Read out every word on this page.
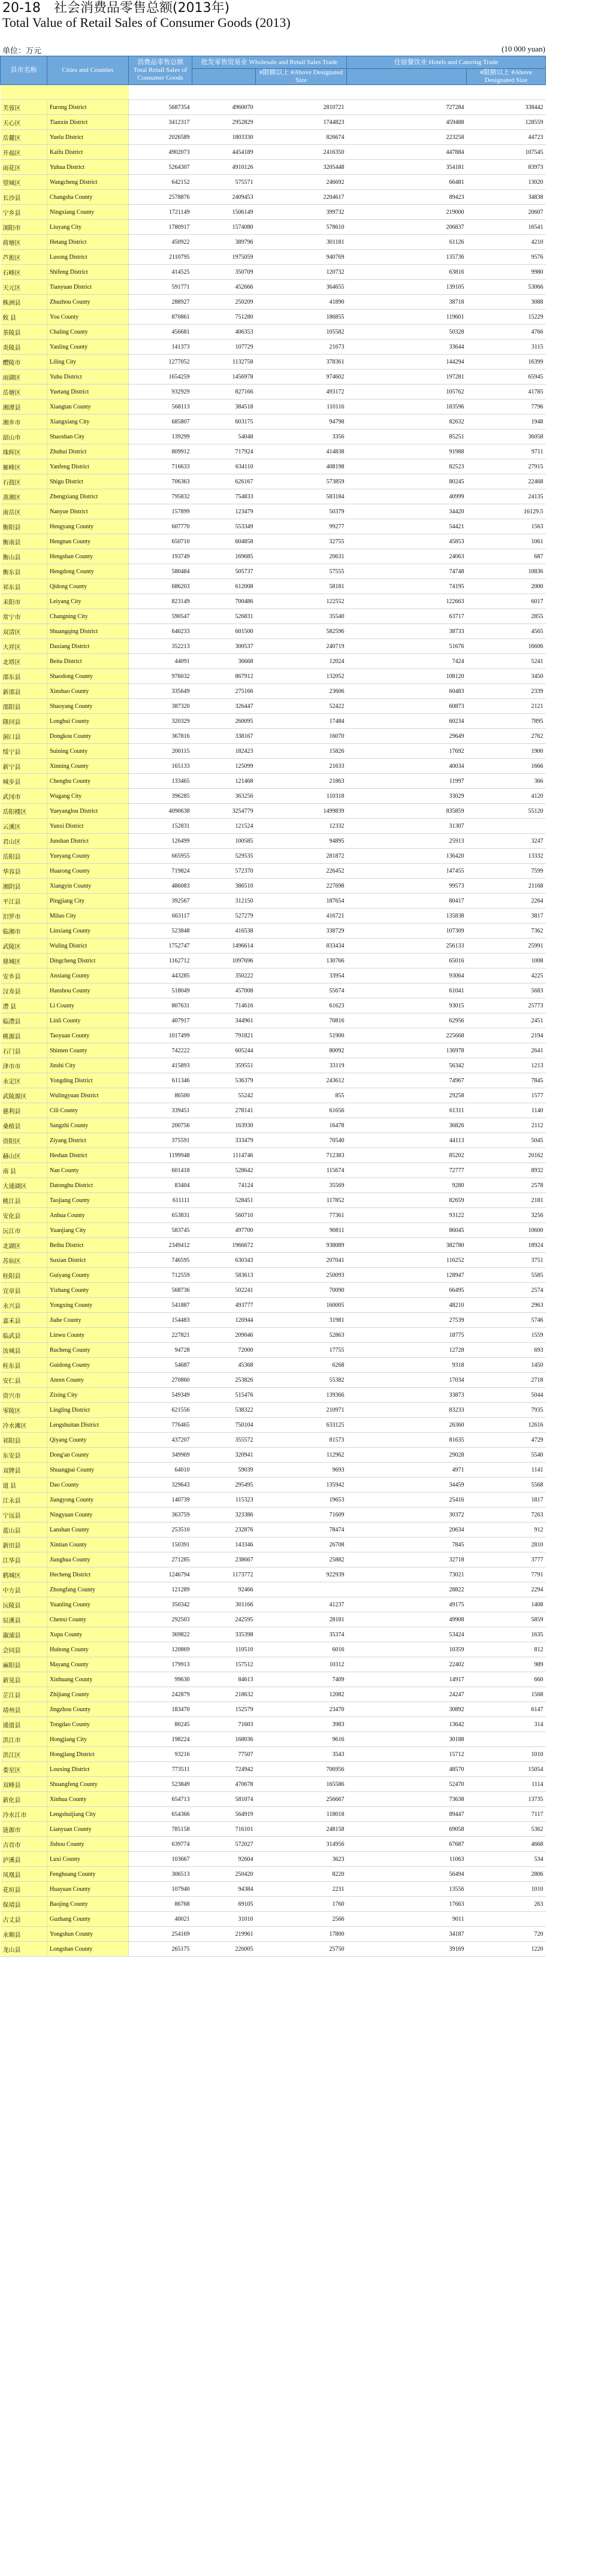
20-18　社会消费品零售总额(2013年)
Total Value of Retail Sales of Consumer Goods (2013)
单位：万元	(10 000 yuan)
县市名称	Cities and Counties	消费品零售总额 Total Retail Sales of Consumer Goods	批发零售贸易业 Wholesale and Retail Sales Trade		住宿餐饮业 Hotels and Catering Trade	
				#限额以上 #Above Designated Size		#限额以上 #Above Designated Size

芙蓉区	Furong District	5687354	4960070	2810721	727284	338442
天心区	Tianxin District	3412317	2952829	1744823	459488	128559
岳麓区	Yuelu District	2026589	1803330	826674	223258	44723
开福区	Kaifu District	4902073	4454189	2416350	447884	107545
雨花区	Yuhua District	5264307	4910126	3205448	354181	83973
望城区	Wangcheng District	642152	575571	246692	66481	13020
长沙县	Changsha County	2578876	2409453	2204617	89423	34838
宁乡县	Ningxiang County	1721149	1506149	399732	219000	20607
浏阳市	Liuyang City	1780917	1574080	578610	206837	16541
荷塘区	Hetang District	450922	389796	301181	61126	4210
芦淞区	Lusong District	2110795	1975059	940769	135736	9576
石峰区	Shifeng District	414525	350709	120732	63816	9980
天元区	Tianyuan District	591771	452666	364655	139105	53066
株洲县	Zhuzhou County	288927	250209	41890	38718	3088
攸 县	You County	870861	751280	186855	119601	15229
茶陵县	Chaling County	456681	406353	105582	50328	4766
炎陵县	Yanling County	141373	107729	21673	33644	3115
醴陵市	Liling City	1277052	1132758	378361	144294	16399
雨湖区	Yuhu District	1654259	1456978	974602	197281	65945
岳塘区	Yuetang District	932929	827166	493172	105762	41785
湘潭县	Xiangtan County	568113	384518	110116	183596	7796
湘乡市	Xiangxiang City	685807	603175	94798	82632	1948
韶山市	Shaoshan City	139299	54048	3356	85251	36058
珠晖区	Zhuhui District	809912	717924	414838	91988	9711
雁峰区	Yanfeng District	716633	634110	408198	82523	27915
石鼓区	Shigu District	706363	626167	573859	80245	22468
蒸湘区	Zhengxiang District	795832	754833	583184	40999	24135
南岳区	Nanyue District	157899	123479	50379	34420	16129.5
衡阳县	Hengyang County	607770	553349	99277	54421	1563
衡南县	Hengnan County	650710	604858	32755	45853	1061
衡山县	Hengshan County	193749	169685	20631	24063	687
衡东县	Hengdong County	580484	505737	57555	74748	10836
祁东县	Qidong County	686203	612008	58181	74195	2000
耒阳市	Leiyang City	823149	700486	122552	122663	6017
常宁市	Changning City	590547	526831	35540	63717	2855
双清区	Shuangqing District	640233	601500	582596	38733	4565
大祥区	Daxiang District	352213	300537	240719	51676	16606
北塔区	Beita District	44091	36668	12024	7424	5241
邵东县	Shaodong County	976032	867912	132052	108120	3450
新邵县	Xinshao County	335649	275166	23606	60483	2339
邵阳县	Shaoyang County	387320	326447	52422	60873	2121
隆回县	Longhui County	320329	260095	17484	60234	7895
洞口县	Dongkou County	367816	338167	16070	29649	2762
绥宁县	Suining County	200115	182423	15826	17692	1900
新宁县	Xinning County	165133	125099	21633	40034	1666
城步县	Chengbu County	133465	121468	21863	11997	366
武冈市	Wugang City	396285	363256	110318	33029	4120
岳阳楼区	Yueyanglou District	4090638	3254779	1499839	835859	55120
云溪区	Yunxi District	152831	121524	12332	31307	
君山区	Junshan District	126499	100585	94895	25913	3247
岳阳县	Yueyang County	665955	529535	281872	136420	13332
华容县	Huarong County	719824	572370	226452	147455	7599
湘阴县	Xiangyin County	486083	386510	227698	99573	21168
平江县	Pingjiang City	392567	312150	187654	80417	2264
汨罗市	Miluo City	663117	527279	416721	135838	3817
临湘市	Linxiang County	523848	416538	338729	107309	7362
武陵区	Wuling District	1752747	1496614	833434	256133	25991
鼎城区	Dingcheng District	1162712	1097696	130766	65016	1008
安乡县	Anxiang County	443285	350222	33954	93064	4225
汉寿县	Hanshou County	518049	457008	55674	61041	5683
澧 县	Li County	807631	714616	61623	93015	25773
临澧县	Linli County	407917	344961	70816	62956	2451
桃源县	Taoyuan County	1017499	791821	51900	225668	2194
石门县	Shimen County	742222	605244	80092	136978	2641
津市市	Jinshi City	415893	359551	33119	56342	1213
永定区	Yongding District	611346	536379	243612	74967	7845
武陵源区	Wulingyuan District	86500	55242	855	29258	1577
慈利县	Cili County	339451	278141	61656	61311	1140
桑植县	Sangzhi County	200756	163930	16478	36826	2112
资阳区	Ziyang District	375591	333479	70540	44113	5045
赫山区	Heshan District	1199948	1114746	712383	85202	20162
南 县	Nan County	601418	528642	115674	72777	8932
大通湖区	Datonghu District	83404	74124	35569	9280	2578
桃江县	Taojiang County	611111	528451	117852	82659	2181
安化县	Anhua County	653831	560710	77361	93122	3256
沅江市	Yuanjiang City	583745	497700	90811	86045	10600
北湖区	Beihu District	2349412	1966672	938089	382780	18924
苏仙区	Suxian District	746595	630343	207041	116252	3751
桂阳县	Guiyang County	712559	583613	250093	128947	5585
宜章县	Yizhang County	568736	502241	70090	66495	2574
永兴县	Yongxing County	541887	493777	160005	48210	2963
嘉禾县	Jiahe County	154483	126944	31981	27539	5746
临武县	Linwu County	227821	209046	52863	18775	1559
汝城县	Rucheng County	94728	72000	17755	12728	693
桂东县	Guidong County	54687	45368	6268	9318	1450
安仁县	Anren County	270860	253826	55382	17034	2718
资兴市	Zixing City	549349	515476	139366	33873	5044
零陵区	Lingling District	621556	538322	210971	83233	7935
冷水滩区	Lengshuitan District	776465	750104	633125	26360	12616
祁阳县	Qiyang County	437207	355572	81573	81635	4729
东安县	Dong'an County	349969	320941	112962	29028	5540
双牌县	Shuangpai County	64010	59039	9693	4971	1141
道 县	Dao County	329643	295495	135942	34459	5568
江永县	Jiangyong County	140739	115323	19653	25416	1817
宁远县	Ningyuan County	363759	323386	71609	30372	7263
蓝山县	Lanshan County	253510	232876	78474	20634	912
新田县	Xintian County	150391	143346	26708	7845	2810
江华县	Jianghua County	271285	238667	25882	32718	3777
鹤城区	Hecheng District	1246794	1173772	922939	73021	7791
中方县	Zhongfang County	121289	92466		28822	2294
沅陵县	Yuanling County	350342	301166	41237	49175	1408
辰溪县	Chenxi County	292503	242595	28181	49908	5859
溆浦县	Xupu County	369822	335398	35374	53424	1635
会同县	Huitong County	120869	110510	6016	10359	812
麻阳县	Mayang County	179913	157512	10312	22402	989
新晃县	Xinhuang County	99630	84613	7409	14917	660
芷江县	Zhijiang County	242879	218632	12082	24247	1568
靖州县	Jingzhou County	183470	152579	23470	30892	6147
通道县	Tongdao County	80245	71603	3983	13642	314
洪江市	Hongjiang City	198224	168036	9616	30188	
洪江区	Hongjiang District	93216	77507	3543	15712	1010
娄星区	Louxing District	773511	724942	706956	48570	15054
双峰县	Shuangfeng County	523849	470678	165586	52470	1114
新化县	Xinhua County	654713	581074	256667	73638	13735
冷水江市	Lengshuijiang City	654366	564919	118018	89447	7117
涟源市	Lianyuan County	785158	716101	248158	69058	5362
吉首市	Jishou County	639774	572027	314956	67687	4668
泸溪县	Luxi County	103667	92604	3623	11063	534
凤凰县	Fenghuang County	306513	250420	8220	56494	2806
花垣县	Huayuan County	107940	94384	2231	13556	1010
保靖县	Baojing County	86768	69105	1760	17663	263
古丈县	Guzhang County	40021	31010	2566	9011	
永顺县	Yongshun County	254169	219961	17800	34187	720
龙山县	Longshan County	265175	226005	25750	39169	1220
